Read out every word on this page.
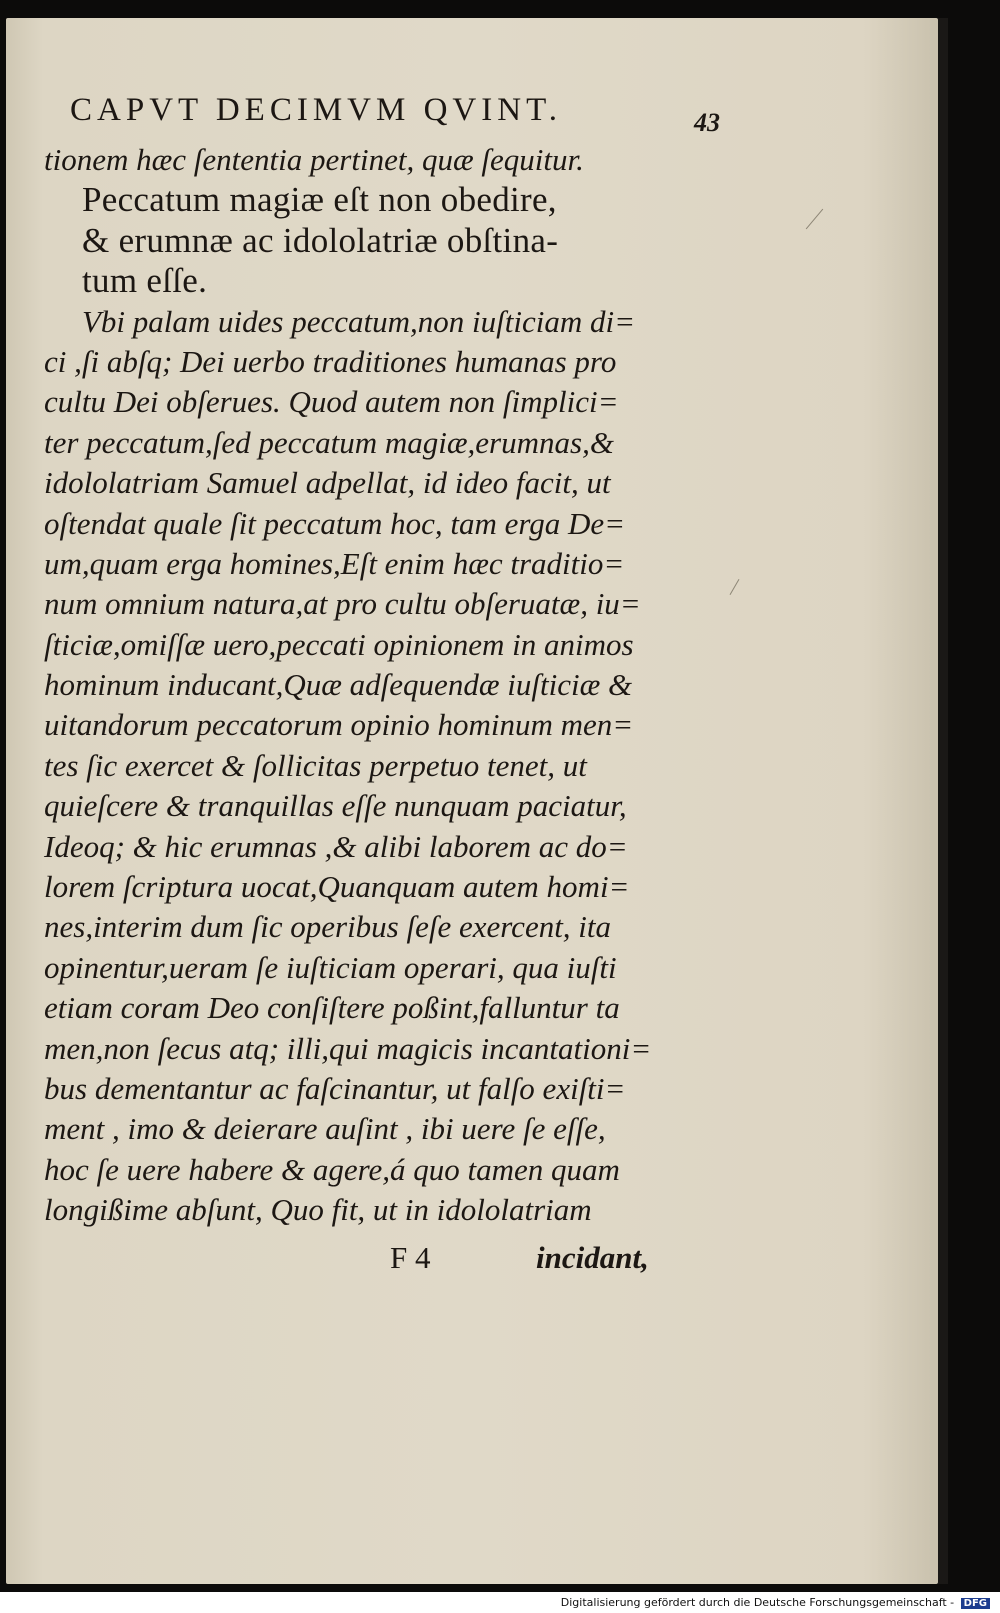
CAPVT DECIMVM QVINT.	43
tionem hæc ſententia pertinet, quæ ſequitur.
Peccatum magiæ eſt non obedire,
& erumnæ ac idololatriæ obſtina-
tum eſſe.
Vbi palam uides peccatum,non iuſticiam di=
ci ,ſi abſq; Dei uerbo traditiones humanas pro
cultu Dei obſerues. Quod autem non ſimplici=
ter peccatum,ſed peccatum magiæ,erumnas,&
idololatriam Samuel adpellat, id ideo facit, ut
oſtendat quale ſit peccatum hoc, tam erga De=
um,quam erga homines,Eſt enim hæc traditio=
num omnium natura,at pro cultu obſeruatæ, iu=
ſticiæ,omiſſæ uero,peccati opinionem in animos
hominum inducant,Quæ adſequendæ iuſticiæ &
uitandorum peccatorum opinio hominum men=
tes ſic exercet & ſollicitas perpetuo tenet, ut
quieſcere & tranquillas eſſe nunquam paciatur,
Ideoq; & hic erumnas ,& alibi laborem ac do=
lorem ſcriptura uocat,Quanquam autem homi=
nes,interim dum ſic operibus ſeſe exercent, ita
opinentur,ueram ſe iuſticiam operari, qua iuſti
etiam coram Deo conſiſtere poßint,falluntur ta
men,non ſecus atq; illi,qui magicis incantationi=
bus dementantur ac faſcinantur, ut falſo exiſti=
ment , imo & deierare auſint , ibi uere ſe eſſe,
hoc ſe uere habere & agere,á quo tamen quam
longißime abſunt, Quo fit, ut in idololatriam
F 4	incidant,
Digitalisierung gefördert durch die Deutsche Forschungsgemeinschaft - DFG
